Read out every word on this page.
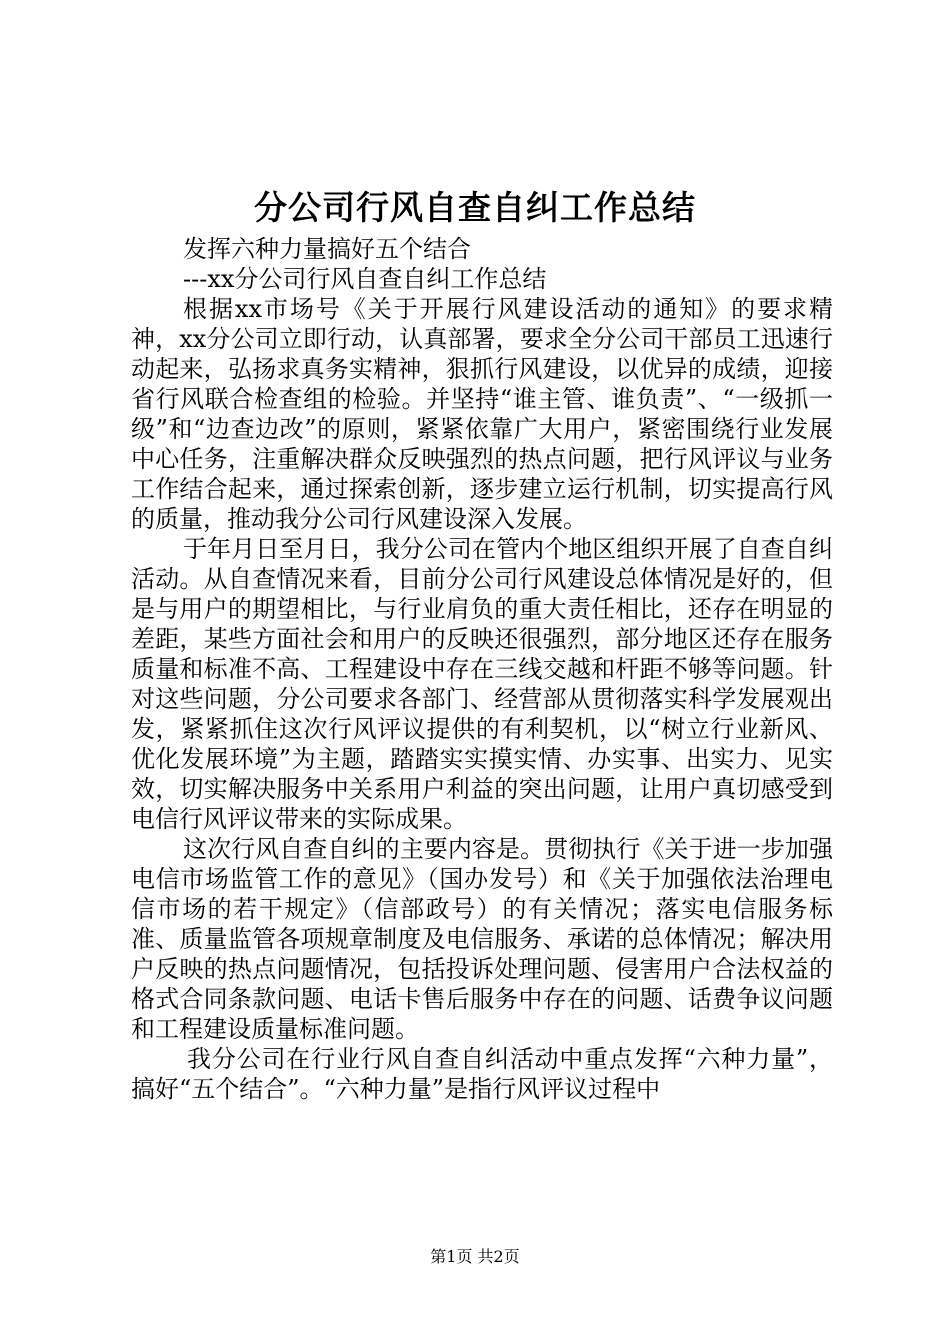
分公司行风自查自纠工作总结

发挥六种力量搞好五个结合

---xx分公司行风自查自纠工作总结

根据xx市场号《关于开展行风建设活动的通知》的要求精神，xx分公司立即行动，认真部署，要求全分公司干部员工迅速行动起来，弘扬求真务实精神，狠抓行风建设，以优异的成绩，迎接省行风联合检查组的检验。并坚持“谁主管、谁负责”、“一级抓一级”和“边查边改”的原则，紧紧依靠广大用户，紧密围绕行业发展中心任务，注重解决群众反映强烈的热点问题，把行风评议与业务工作结合起来，通过探索创新，逐步建立运行机制，切实提高行风的质量，推动我分公司行风建设深入发展。

于年月日至月日，我分公司在管内个地区组织开展了自查自纠活动。从自查情况来看，目前分公司行风建设总体情况是好的，但是与用户的期望相比，与行业肩负的重大责任相比，还存在明显的差距，某些方面社会和用户的反映还很强烈，部分地区还存在服务质量和标准不高、工程建设中存在三线交越和杆距不够等问题。针对这些问题，分公司要求各部门、经营部从贯彻落实科学发展观出发，紧紧抓住这次行风评议提供的有利契机，以“树立行业新风、优化发展环境”为主题，踏踏实实摸实情、办实事、出实力、见实效，切实解决服务中关系用户利益的突出问题，让用户真切感受到电信行风评议带来的实际成果。

这次行风自查自纠的主要内容是。贯彻执行《关于进一步加强电信市场监管工作的意见》（国办发号）和《关于加强依法治理电信市场的若干规定》（信部政号）的有关情况；落实电信服务标准、质量监管各项规章制度及电信服务、承诺的总体情况；解决用户反映的热点问题情况，包括投诉处理问题、侵害用户合法权益的格式合同条款问题、电话卡售后服务中存在的问题、话费争议问题和工程建设质量标准问题。

我分公司在行业行风自查自纠活动中重点发挥“六种力量”，搞好“五个结合”。“六种力量”是指行风评议过程中

第1页 共2页
